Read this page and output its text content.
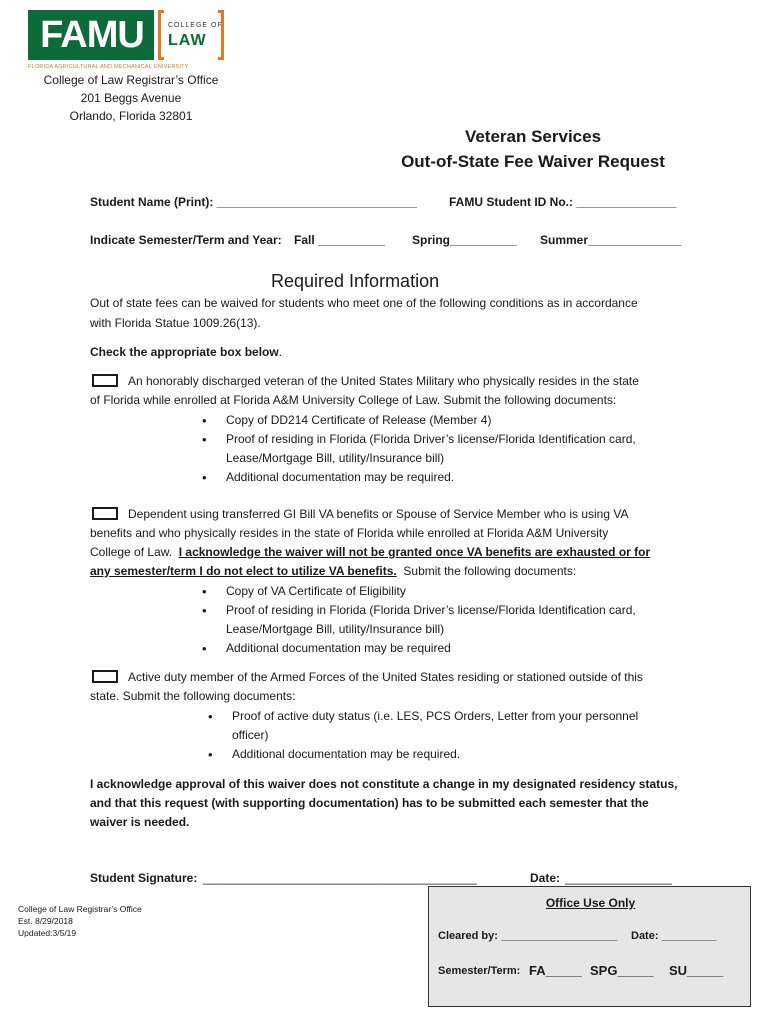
FAMU	COLLEGE OF
LAW
FLORIDA AGRICULTURAL AND MECHANICAL UNIVERSITY
College of Law Registrar’s Office
201 Beggs Avenue
Orlando, Florida 32801
Veteran Services
Out-of-State Fee Waiver Request
Student Name (Print): ______________________________	FAMU Student ID No.: _______________
Indicate Semester/Term and Year: Fall __________ Spring__________ Summer______________
Required Information
Out of state fees can be waived for students who meet one of the following conditions as in accordance
with Florida Statue 1009.26(13).
Check the appropriate box below.
An honorably discharged veteran of the United States Military who physically resides in the state
of Florida while enrolled at Florida A&M University College of Law. Submit the following documents:
• Copy of DD214 Certificate of Release (Member 4)
• Proof of residing in Florida (Florida Driver’s license/Florida Identification card,
Lease/Mortgage Bill, utility/Insurance bill)
• Additional documentation may be required.
Dependent using transferred GI Bill VA benefits or Spouse of Service Member who is using VA
benefits and who physically resides in the state of Florida while enrolled at Florida A&M University
College of Law.  I acknowledge the waiver will not be granted once VA benefits are exhausted or for
any semester/term I do not elect to utilize VA benefits.  Submit the following documents:
• Copy of VA Certificate of Eligibility
• Proof of residing in Florida (Florida Driver’s license/Florida Identification card,
Lease/Mortgage Bill, utility/Insurance bill)
• Additional documentation may be required
Active duty member of the Armed Forces of the United States residing or stationed outside of this
state. Submit the following documents:
• Proof of active duty status (i.e. LES, PCS Orders, Letter from your personnel
officer)
• Additional documentation may be required.
I acknowledge approval of this waiver does not constitute a change in my designated residency status,
and that this request (with supporting documentation) has to be submitted each semester that the
waiver is needed.
Student Signature: _________________________________________	Date: ________________
College of Law Registrar’s Office
Est. 8/29/2018
Updated:3/5/19
Office Use Only
Cleared by: ___________________ Date: _________
Semester/Term: FA_____ SPG_____ SU_____
